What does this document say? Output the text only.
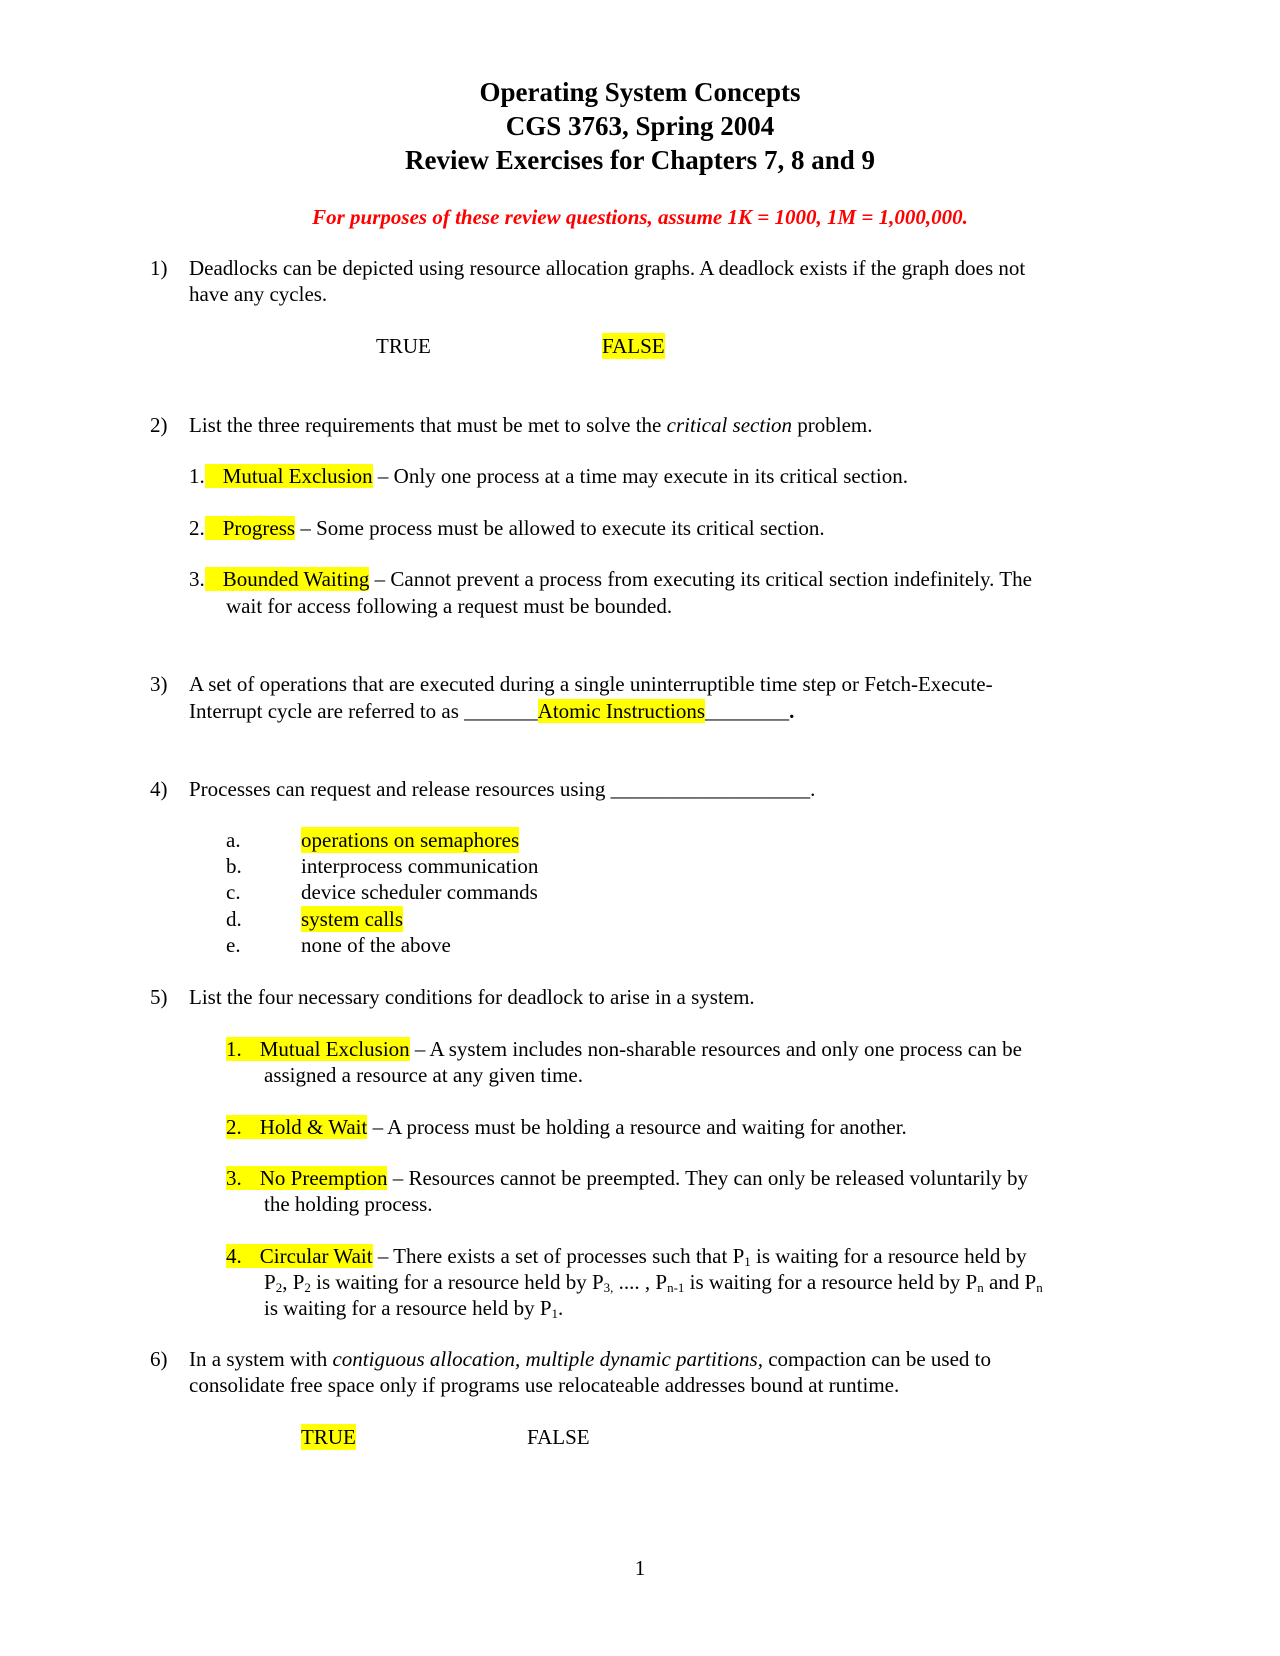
Operating System Concepts
CGS 3763, Spring 2004
Review Exercises for Chapters 7, 8 and 9
For purposes of these review questions, assume 1K = 1000, 1M = 1,000,000.
1) Deadlocks can be depicted using resource allocation graphs. A deadlock exists if the graph does not
have any cycles.
TRUE	FALSE
2) List the three requirements that must be met to solve the critical section problem.
1. Mutual Exclusion – Only one process at a time may execute in its critical section.
2. Progress – Some process must be allowed to execute its critical section.
3. Bounded Waiting – Cannot prevent a process from executing its critical section indefinitely. The
wait for access following a request must be bounded.
3) A set of operations that are executed during a single uninterruptible time step or Fetch-Execute-
Interrupt cycle are referred to as _______Atomic Instructions________.
4) Processes can request and release resources using ___________________.
a.	operations on semaphores
b.	interprocess communication
c.	device scheduler commands
d.	system calls
e.	none of the above
5) List the four necessary conditions for deadlock to arise in a system.
1. Mutual Exclusion – A system includes non-sharable resources and only one process can be
assigned a resource at any given time.
2. Hold & Wait – A process must be holding a resource and waiting for another.
3. No Preemption – Resources cannot be preempted. They can only be released voluntarily by
the holding process.
4. Circular Wait – There exists a set of processes such that $P_1$ is waiting for a resource held by
$P_2$, $P_2$ is waiting for a resource held by $P_{3,}$ .... , $P_{n-1}$ is waiting for a resource held by $P_n$ and $P_n$
is waiting for a resource held by $P_1$.
6) In a system with contiguous allocation, multiple dynamic partitions, compaction can be used to
consolidate free space only if programs use relocateable addresses bound at runtime.
TRUE	FALSE
1
